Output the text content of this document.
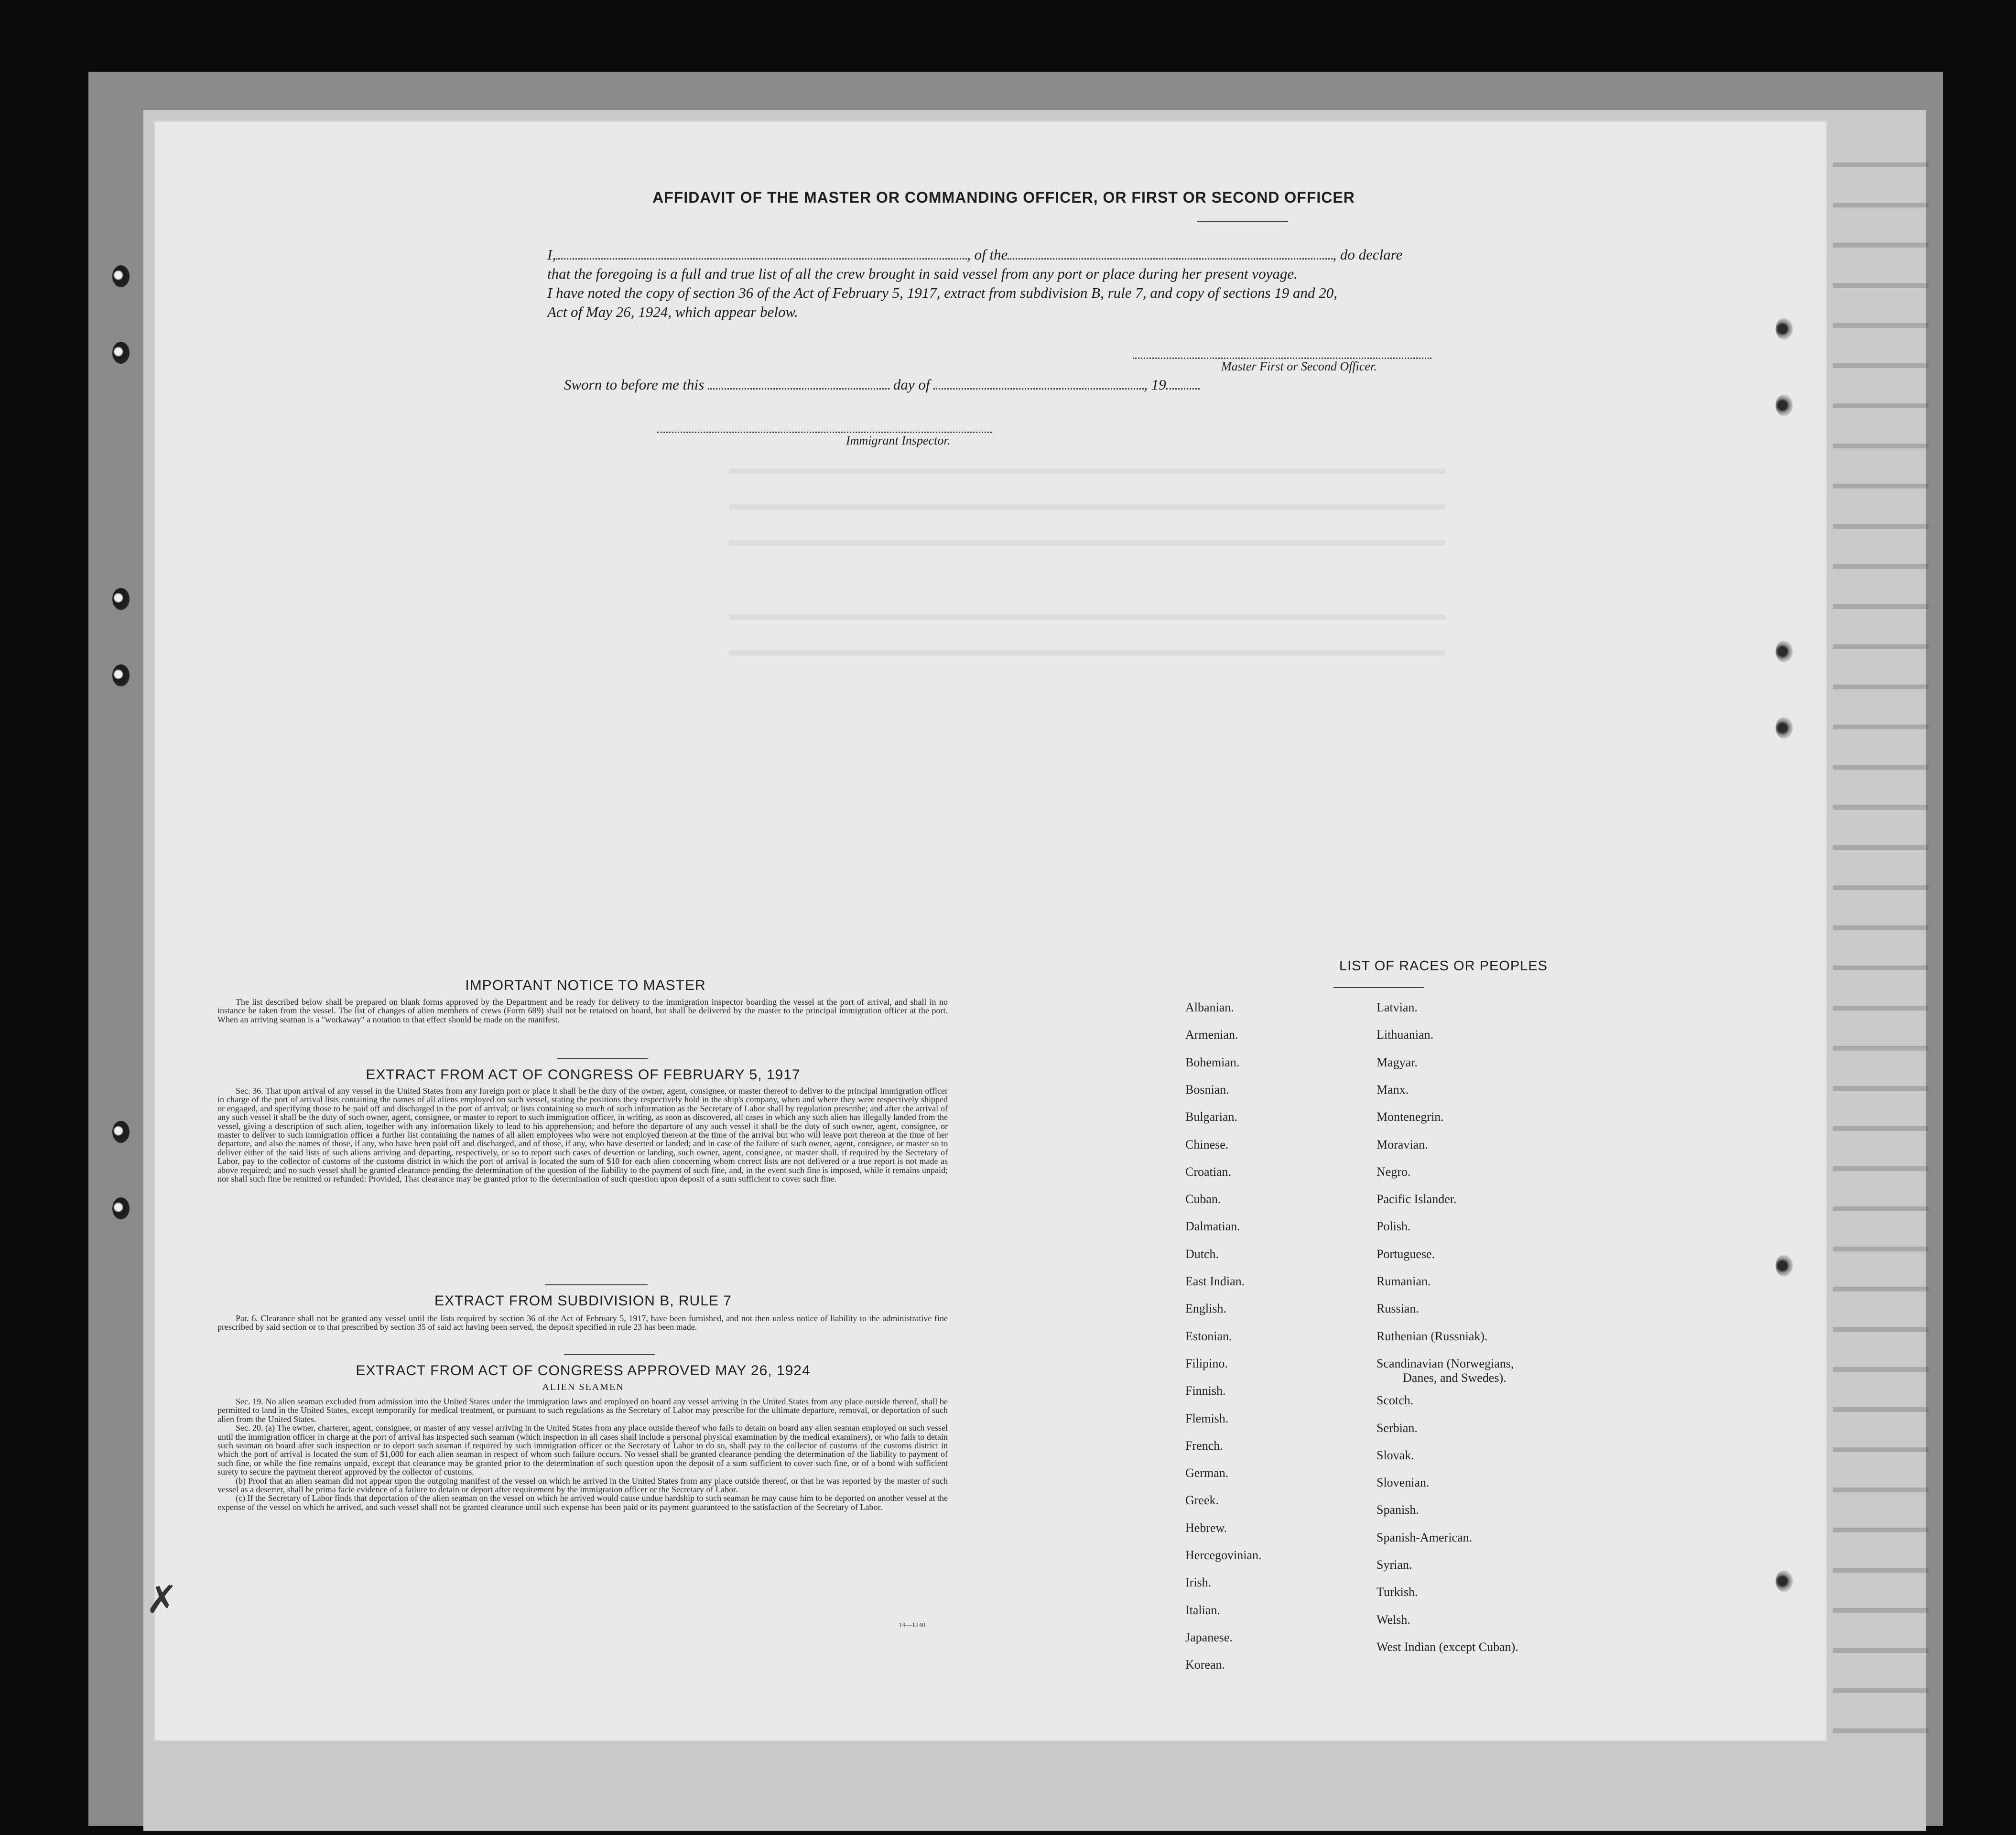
AFFIDAVIT OF THE MASTER OR COMMANDING OFFICER, OR FIRST OR SECOND OFFICER
I,	, of the	, do declare
that the foregoing is a full and true list of all the crew brought in said vessel from any port or place during her present voyage.
I have noted the copy of section 36 of the Act of February 5, 1917, extract from subdivision B, rule 7, and copy of sections 19 and 20,
Act of May 26, 1924, which appear below.
Master First or Second Officer.
Sworn to before me this	day of	, 19
Immigrant Inspector.
IMPORTANT NOTICE TO MASTER

The list described below shall be prepared on blank forms approved by the Department and be ready for delivery to the immigration inspector boarding the vessel at the port of arrival, and shall in no instance be taken from the vessel. The list of changes of alien members of crews (Form 689) shall not be retained on board, but shall be delivered by the master to the principal immigration officer at the port. When an arriving seaman is a "workaway" a notation to that effect should be made on the manifest.

EXTRACT FROM ACT OF CONGRESS OF FEBRUARY 5, 1917

Sec. 36. That upon arrival of any vessel in the United States from any foreign port or place it shall be the duty of the owner, agent, consignee, or master thereof to deliver to the principal immigration officer in charge of the port of arrival lists containing the names of all aliens employed on such vessel, stating the positions they respectively hold in the ship's company, when and where they were respectively shipped or engaged, and specifying those to be paid off and discharged in the port of arrival; or lists containing so much of such information as the Secretary of Labor shall by regulation prescribe; and after the arrival of any such vessel it shall be the duty of such owner, agent, consignee, or master to report to such immigration officer, in writing, as soon as discovered, all cases in which any such alien has illegally landed from the vessel, giving a description of such alien, together with any information likely to lead to his apprehension; and before the departure of any such vessel it shall be the duty of such owner, agent, consignee, or master to deliver to such immigration officer a further list containing the names of all alien employees who were not employed thereon at the time of the arrival but who will leave port thereon at the time of her departure, and also the names of those, if any, who have been paid off and discharged, and of those, if any, who have deserted or landed; and in case of the failure of such owner, agent, consignee, or master so to deliver either of the said lists of such aliens arriving and departing, respectively, or so to report such cases of desertion or landing, such owner, agent, consignee, or master shall, if required by the Secretary of Labor, pay to the collector of customs of the customs district in which the port of arrival is located the sum of $10 for each alien concerning whom correct lists are not delivered or a true report is not made as above required; and no such vessel shall be granted clearance pending the determination of the question of the liability to the payment of such fine, and, in the event such fine is imposed, while it remains unpaid; nor shall such fine be remitted or refunded: Provided, That clearance may be granted prior to the determination of such question upon deposit of a sum sufficient to cover such fine.

EXTRACT FROM SUBDIVISION B, RULE 7

Par. 6. Clearance shall not be granted any vessel until the lists required by section 36 of the Act of February 5, 1917, have been furnished, and not then unless notice of liability to the administrative fine prescribed by said section or to that prescribed by section 35 of said act having been served, the deposit specified in rule 23 has been made.

EXTRACT FROM ACT OF CONGRESS APPROVED MAY 26, 1924
ALIEN SEAMEN

Sec. 19. No alien seaman excluded from admission into the United States under the immigration laws and employed on board any vessel arriving in the United States from any place outside thereof, shall be permitted to land in the United States, except temporarily for medical treatment, or pursuant to such regulations as the Secretary of Labor may prescribe for the ultimate departure, removal, or deportation of such alien from the United States.

Sec. 20. (a) The owner, charterer, agent, consignee, or master of any vessel arriving in the United States from any place outside thereof who fails to detain on board any alien seaman employed on such vessel until the immigration officer in charge at the port of arrival has inspected such seaman (which inspection in all cases shall include a personal physical examination by the medical examiners), or who fails to detain such seaman on board after such inspection or to deport such seaman if required by such immigration officer or the Secretary of Labor to do so, shall pay to the collector of customs of the customs district in which the port of arrival is located the sum of $1,000 for each alien seaman in respect of whom such failure occurs. No vessel shall be granted clearance pending the determination of the liability to payment of such fine, or while the fine remains unpaid, except that clearance may be granted prior to the determination of such question upon the deposit of a sum sufficient to cover such fine, or of a bond with sufficient surety to secure the payment thereof approved by the collector of customs.

(b) Proof that an alien seaman did not appear upon the outgoing manifest of the vessel on which he arrived in the United States from any place outside thereof, or that he was reported by the master of such vessel as a deserter, shall be prima facie evidence of a failure to detain or deport after requirement by the immigration officer or the Secretary of Labor.

(c) If the Secretary of Labor finds that deportation of the alien seaman on the vessel on which he arrived would cause undue hardship to such seaman he may cause him to be deported on another vessel at the expense of the vessel on which he arrived, and such vessel shall not be granted clearance until such expense has been paid or its payment guaranteed to the satisfaction of the Secretary of Labor.

14—1240
✗
LIST OF RACES OR PEOPLES
Albanian.
Armenian.
Bohemian.
Bosnian.
Bulgarian.
Chinese.
Croatian.
Cuban.
Dalmatian.
Dutch.
East Indian.
English.
Estonian.
Filipino.
Finnish.
Flemish.
French.
German.
Greek.
Hebrew.
Hercegovinian.
Irish.
Italian.
Japanese.
Korean.
Latvian.
Lithuanian.
Magyar.
Manx.
Montenegrin.
Moravian.
Negro.
Pacific Islander.
Polish.
Portuguese.
Rumanian.
Russian.
Ruthenian (Russniak).
Scandinavian (Norwegians,
Danes, and Swedes).
Scotch.
Serbian.
Slovak.
Slovenian.
Spanish.
Spanish-American.
Syrian.
Turkish.
Welsh.
West Indian (except Cuban).
